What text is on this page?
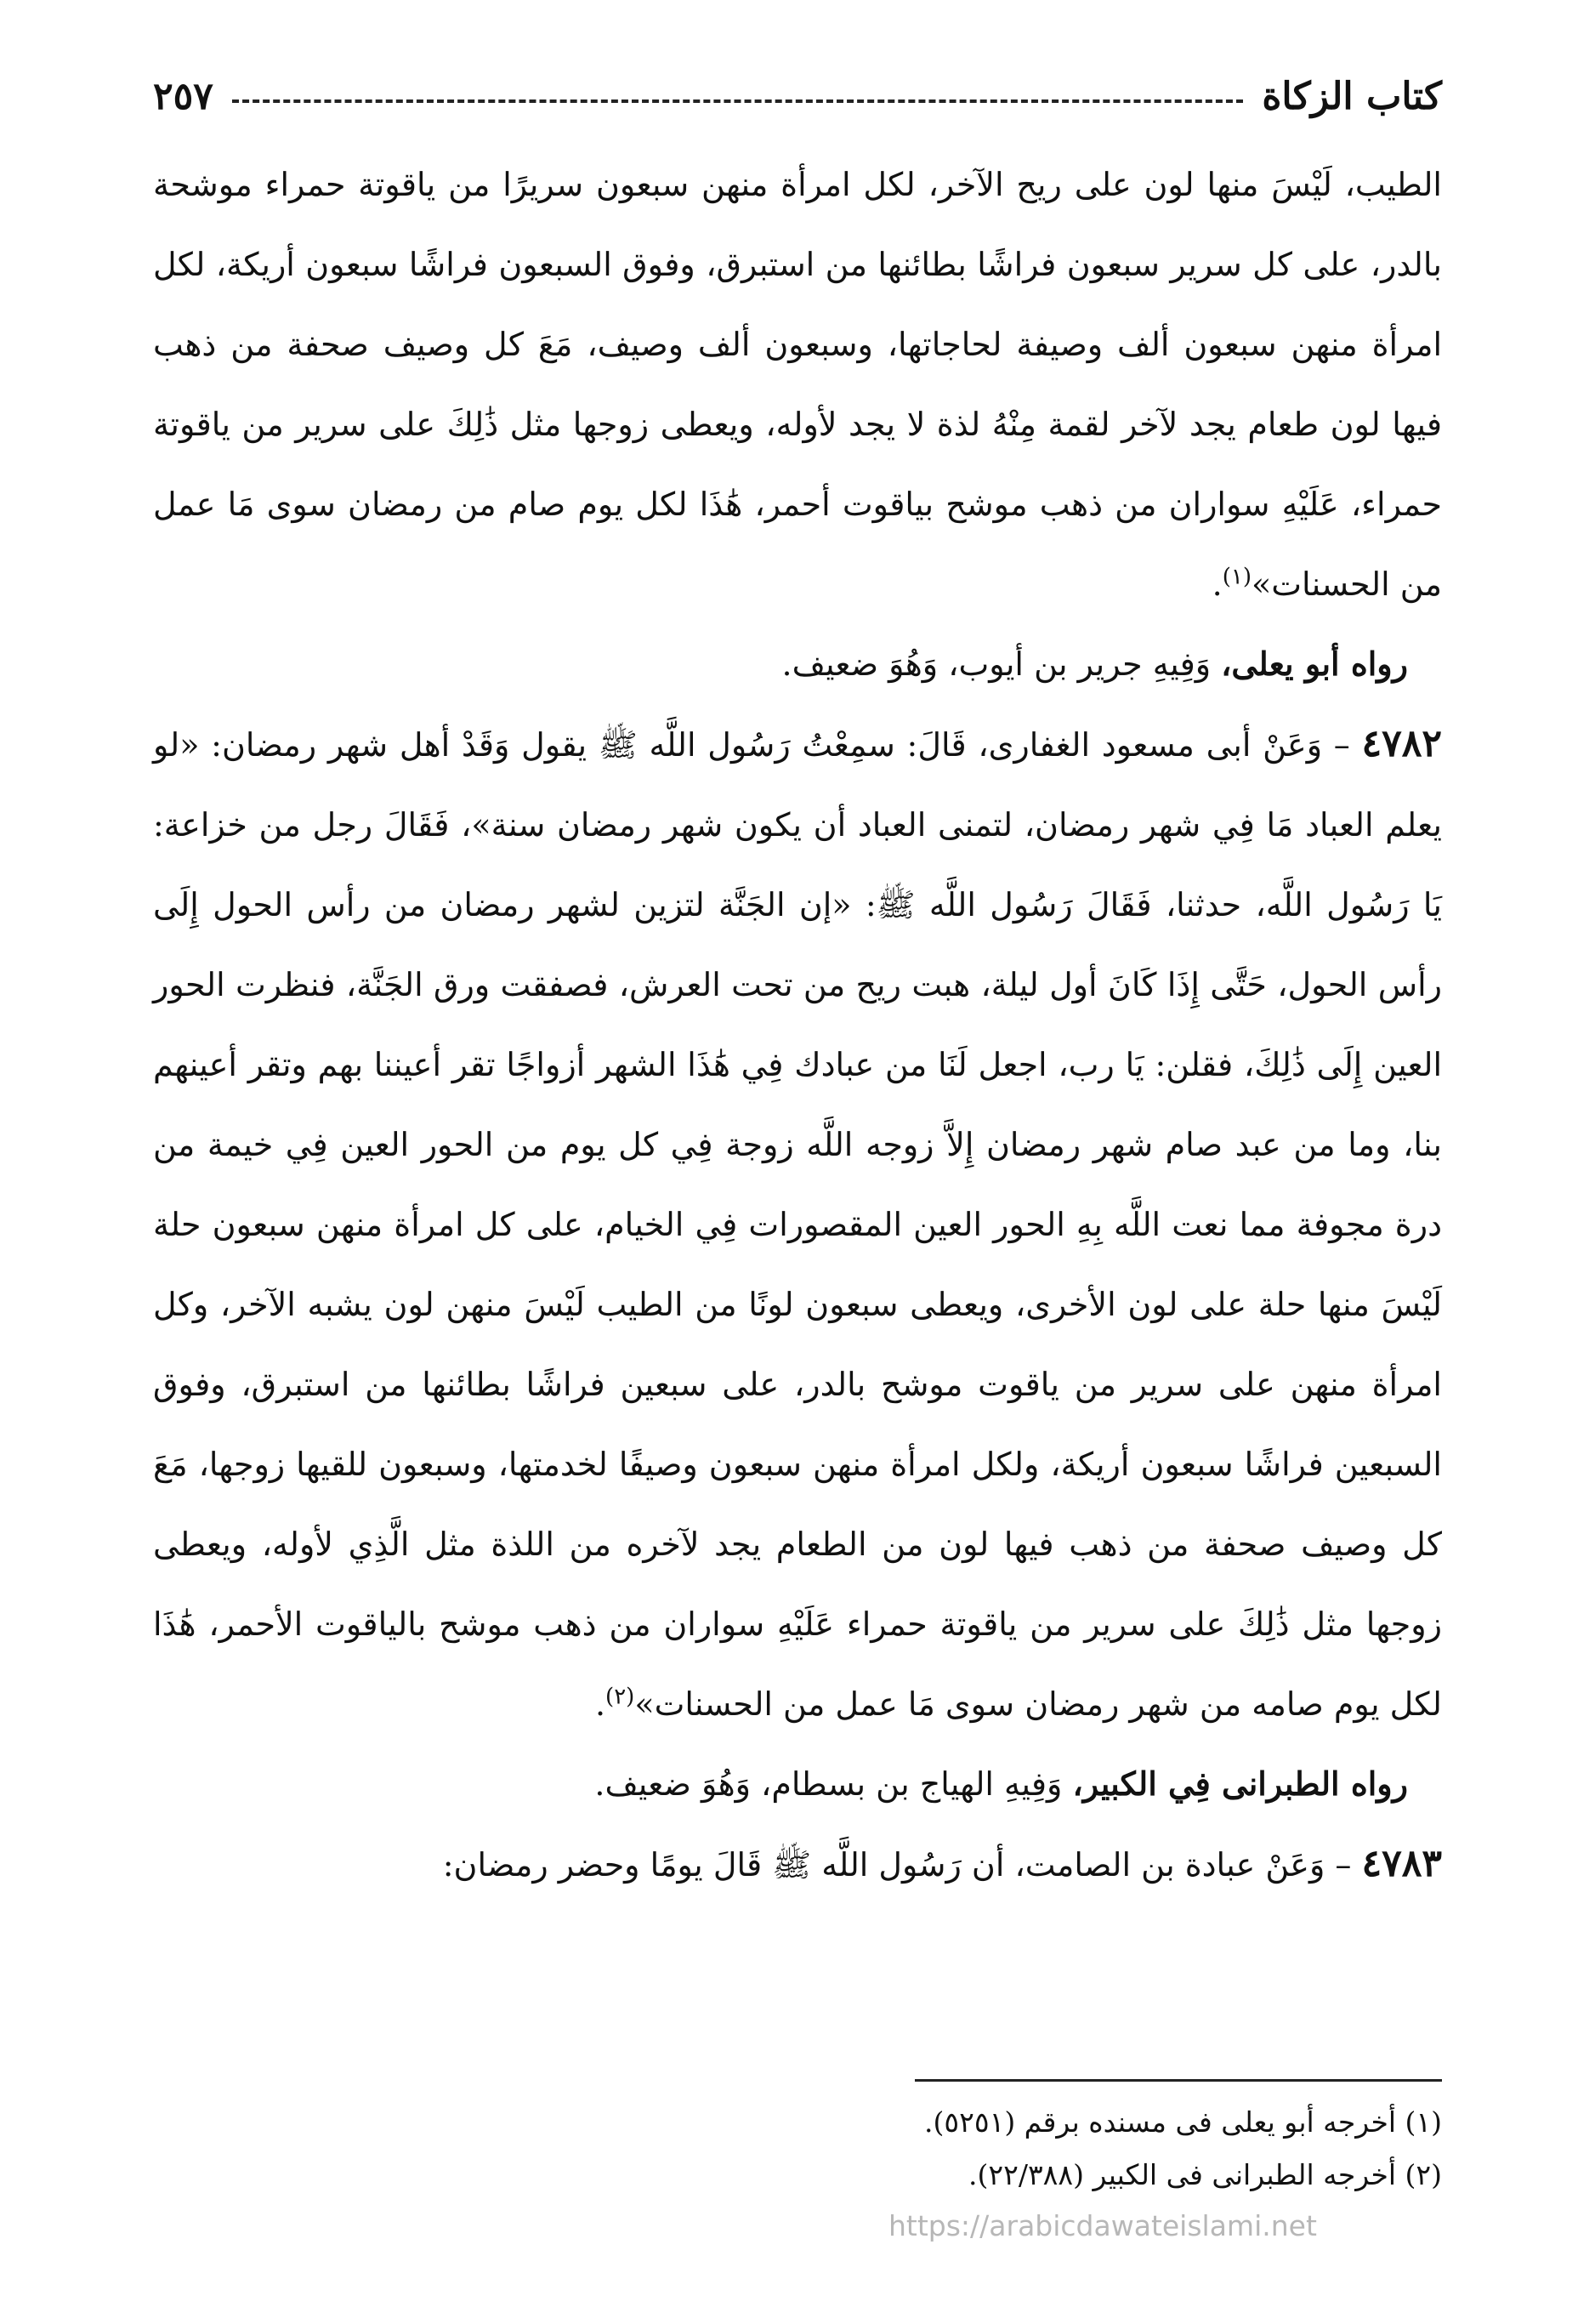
كتاب الزكاة
٢٥٧

الطيب، لَيْسَ منها لون على ريح الآخر، لكل امرأة منهن سبعون سريرًا من ياقوتة حمراء موشحة بالدر، على كل سرير سبعون فراشًا بطائنها من استبرق، وفوق السبعون فراشًا سبعون أريكة، لكل امرأة منهن سبعون ألف وصيفة لحاجاتها، وسبعون ألف وصيف، مَعَ كل وصيف صحفة من ذهب فيها لون طعام يجد لآخر لقمة مِنْهُ لذة لا يجد لأوله، ويعطى زوجها مثل ذَٰلِكَ على سرير من ياقوتة حمراء، عَلَيْهِ سواران من ذهب موشح بياقوت أحمر، هَٰذَا لكل يوم صام من رمضان سوى مَا عمل من الحسنات»$^{(١)}$.

رواه أبو يعلى، وَفِيهِ جرير بن أيوب، وَهُوَ ضعيف.

٤٧٨٢ – وَعَنْ أبى مسعود الغفارى، قَالَ: سمِعْتُ رَسُول اللَّه ﷺ يقول وَقَدْ أهل شهر رمضان: «لو يعلم العباد مَا فِي شهر رمضان، لتمنى العباد أن يكون شهر رمضان سنة»، فَقَالَ رجل من خزاعة: يَا رَسُول اللَّه، حدثنا، فَقَالَ رَسُول اللَّه ﷺ: «إن الجَنَّة لتزين لشهر رمضان من رأس الحول إِلَى رأس الحول، حَتَّى إِذَا كَانَ أول ليلة، هبت ريح من تحت العرش، فصفقت ورق الجَنَّة، فنظرت الحور العين إِلَى ذَٰلِكَ، فقلن: يَا رب، اجعل لَنَا من عبادك فِي هَٰذَا الشهر أزواجًا تقر أعيننا بهم وتقر أعينهم بنا، وما من عبد صام شهر رمضان إِلاَّ زوجه اللَّه زوجة فِي كل يوم من الحور العين فِي خيمة من درة مجوفة مما نعت اللَّه بِهِ الحور العين المقصورات فِي الخيام، على كل امرأة منهن سبعون حلة لَيْسَ منها حلة على لون الأخرى، ويعطى سبعون لونًا من الطيب لَيْسَ منهن لون يشبه الآخر، وكل امرأة منهن على سرير من ياقوت موشح بالدر، على سبعين فراشًا بطائنها من استبرق، وفوق السبعين فراشًا سبعون أريكة، ولكل امرأة منهن سبعون وصيفًا لخدمتها، وسبعون للقيها زوجها، مَعَ كل وصيف صحفة من ذهب فيها لون من الطعام يجد لآخره من اللذة مثل الَّذِي لأوله، ويعطى زوجها مثل ذَٰلِكَ على سرير من ياقوتة حمراء عَلَيْهِ سواران من ذهب موشح بالياقوت الأحمر، هَٰذَا لكل يوم صامه من شهر رمضان سوى مَا عمل من الحسنات»$^{(٢)}$.

رواه الطبرانى فِي الكبير، وَفِيهِ الهياج بن بسطام، وَهُوَ ضعيف.

٤٧٨٣ – وَعَنْ عبادة بن الصامت، أن رَسُول اللَّه ﷺ قَالَ يومًا وحضر رمضان:

(١) أخرجه أبو يعلى فى مسنده برقم (٥٢٥١).

(٢) أخرجه الطبرانى فى الكبير (٢٢/٣٨٨).

https://arabicdawateislami.net
